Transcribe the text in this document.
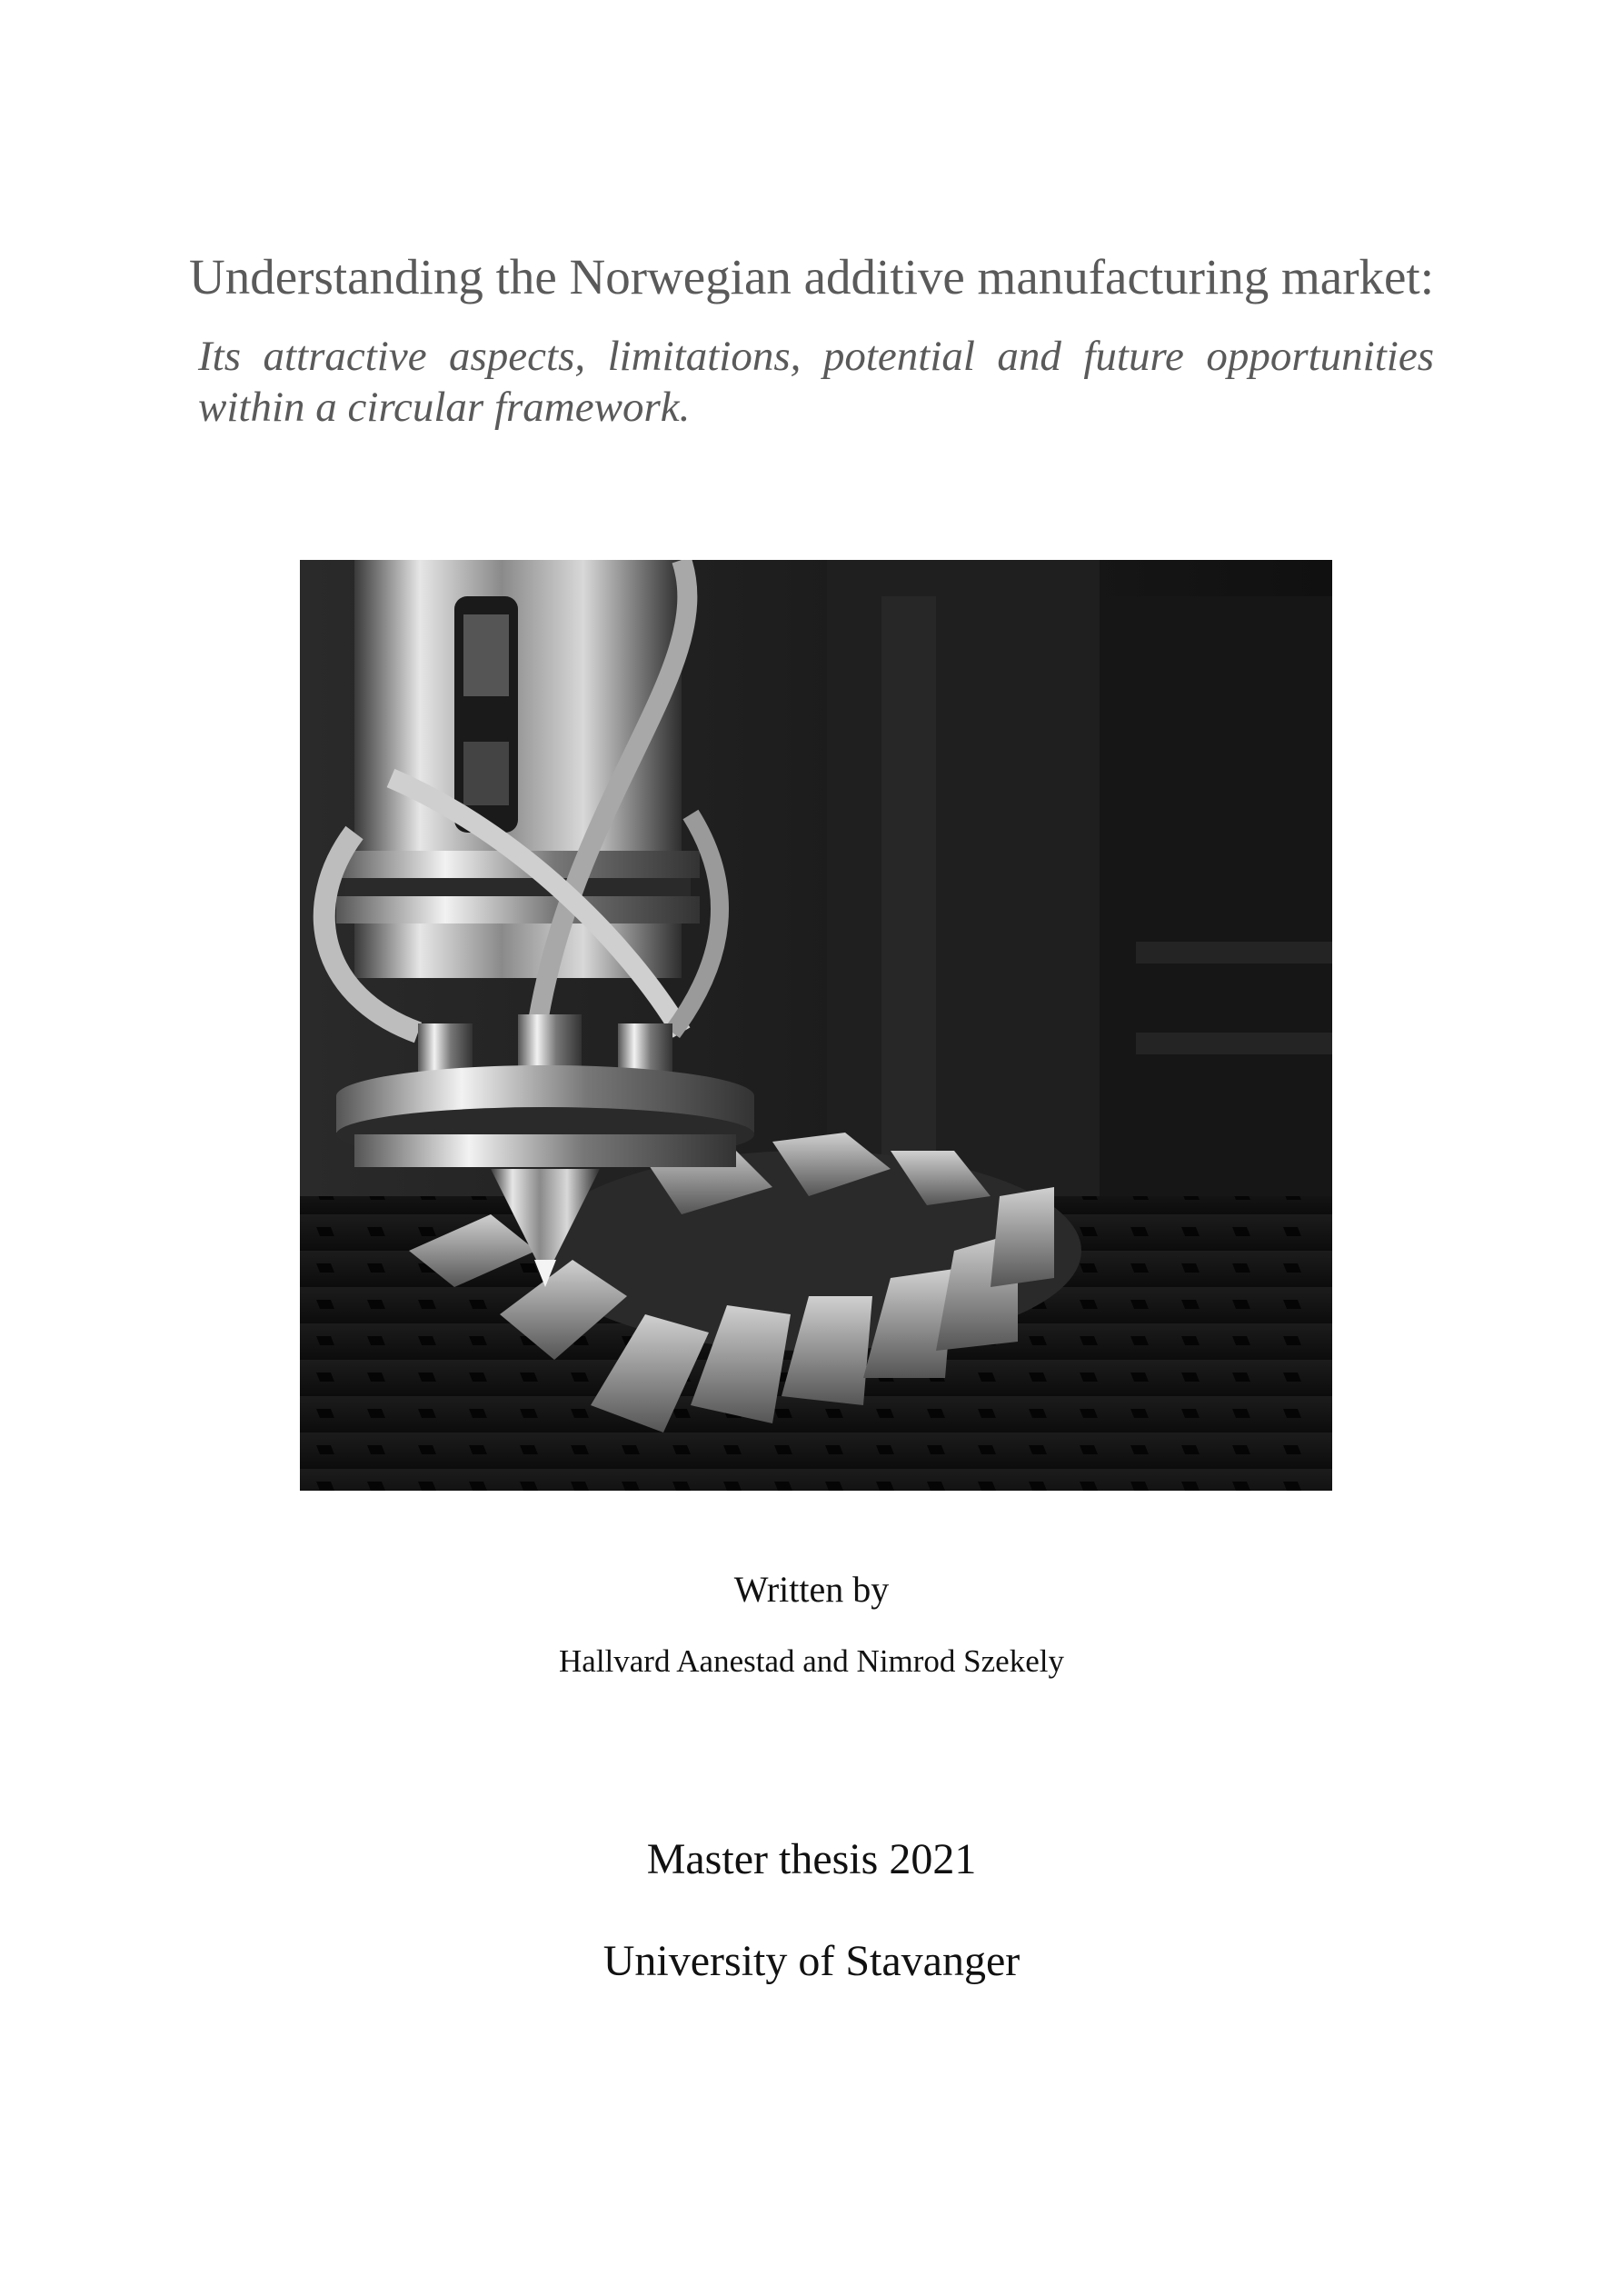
Understanding the Norwegian additive manufacturing market:

Its attractive aspects, limitations, potential and future opportunities within a circular framework.

Written by
Hallvard Aanestad and Nimrod Szekely
Master thesis 2021
University of Stavanger
